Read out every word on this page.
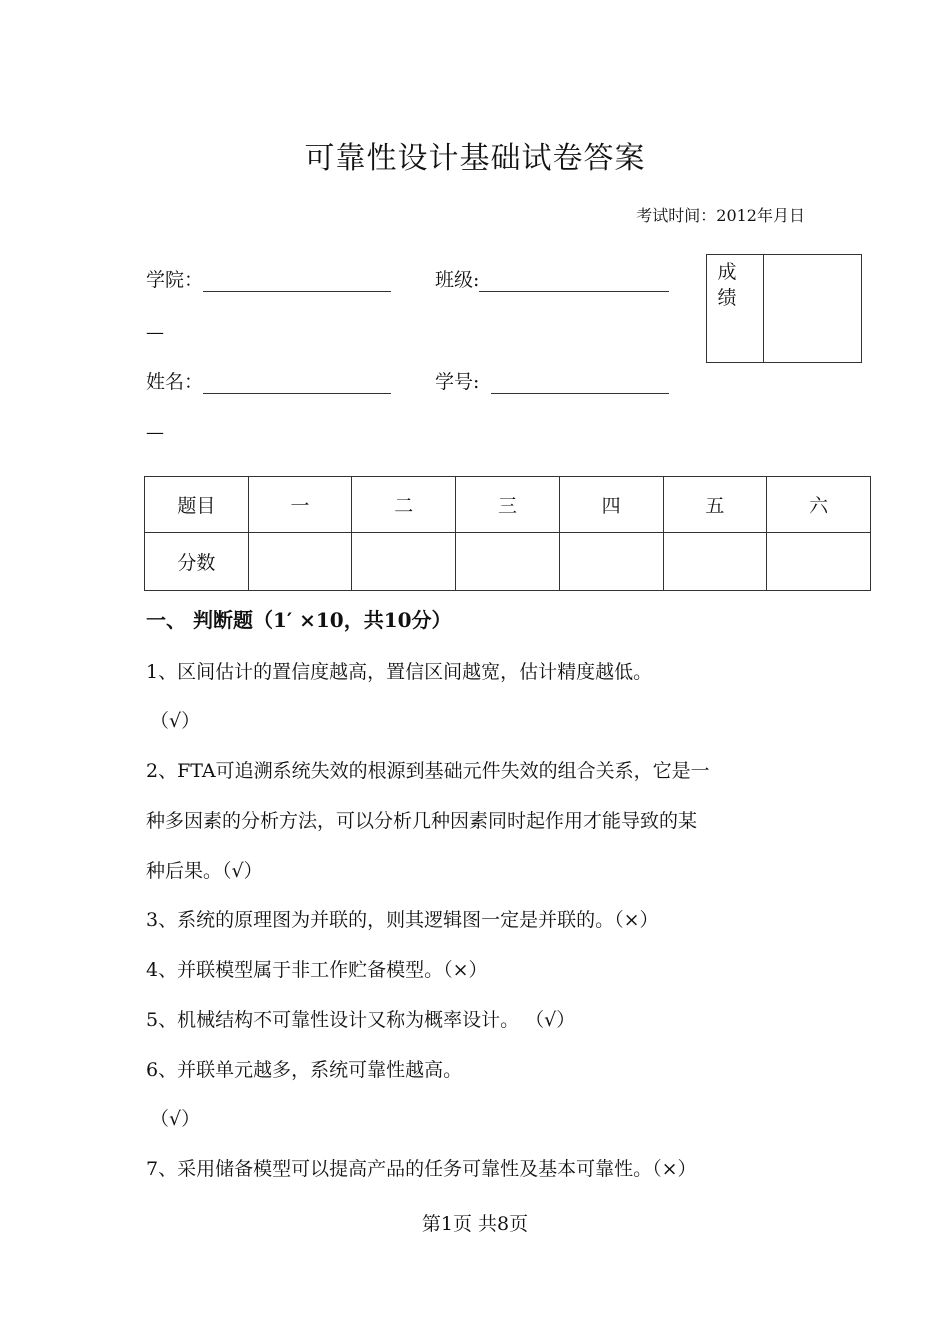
可靠性设计基础试卷答案
考试时间：2012年月日
学院：	班级:
—
姓名：	学号:
—
成绩
题目	一	二	三	四	五	六
分数						
一、 判断题（1′ ×10，共10分）
1、区间估计的置信度越高，置信区间越宽，估计精度越低。
（√）
2、FTA可追溯系统失效的根源到基础元件失效的组合关系，它是一
种多因素的分析方法，可以分析几种因素同时起作用才能导致的某
种后果。（√）
3、系统的原理图为并联的，则其逻辑图一定是并联的。（×）
4、并联模型属于非工作贮备模型。（×）
5、机械结构不可靠性设计又称为概率设计。 （√）
6、并联单元越多，系统可靠性越高。
（√）
7、采用储备模型可以提高产品的任务可靠性及基本可靠性。（×）
第1页 共8页
